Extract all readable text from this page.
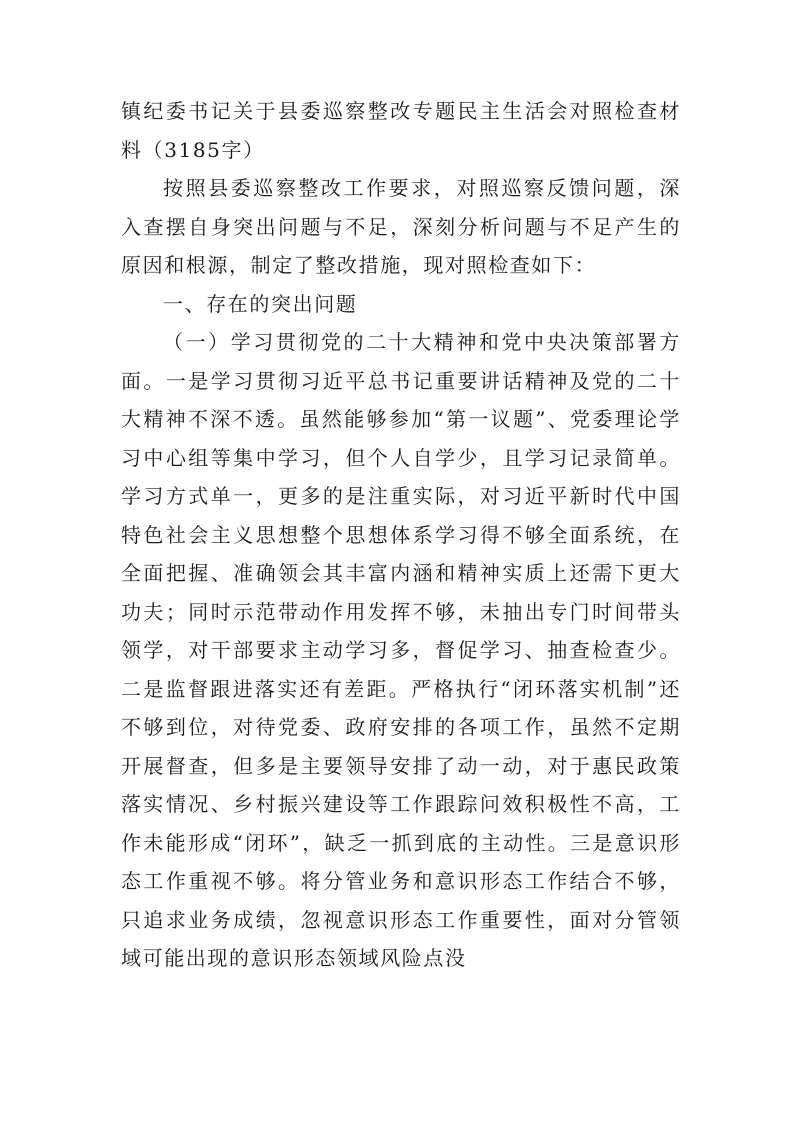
镇纪委书记关于县委巡察整改专题民主生活会对照检查材料（3185字）

按照县委巡察整改工作要求，对照巡察反馈问题，深入查摆自身突出问题与不足，深刻分析问题与不足产生的原因和根源，制定了整改措施，现对照检查如下：

一、存在的突出问题

（一）学习贯彻党的二十大精神和党中央决策部署方面。一是学习贯彻习近平总书记重要讲话精神及党的二十大精神不深不透。虽然能够参加“第一议题”、党委理论学习中心组等集中学习，但个人自学少，且学习记录简单。学习方式单一，更多的是注重实际，对习近平新时代中国特色社会主义思想整个思想体系学习得不够全面系统，在全面把握、准确领会其丰富内涵和精神实质上还需下更大功夫；同时示范带动作用发挥不够，未抽出专门时间带头领学，对干部要求主动学习多，督促学习、抽查检查少。二是监督跟进落实还有差距。严格执行“闭环落实机制”还不够到位，对待党委、政府安排的各项工作，虽然不定期开展督查，但多是主要领导安排了动一动，对于惠民政策落实情况、乡村振兴建设等工作跟踪问效积极性不高，工作未能形成“闭环”，缺乏一抓到底的主动性。三是意识形态工作重视不够。将分管业务和意识形态工作结合不够，只追求业务成绩，忽视意识形态工作重要性，面对分管领域可能出现的意识形态领域风险点没
